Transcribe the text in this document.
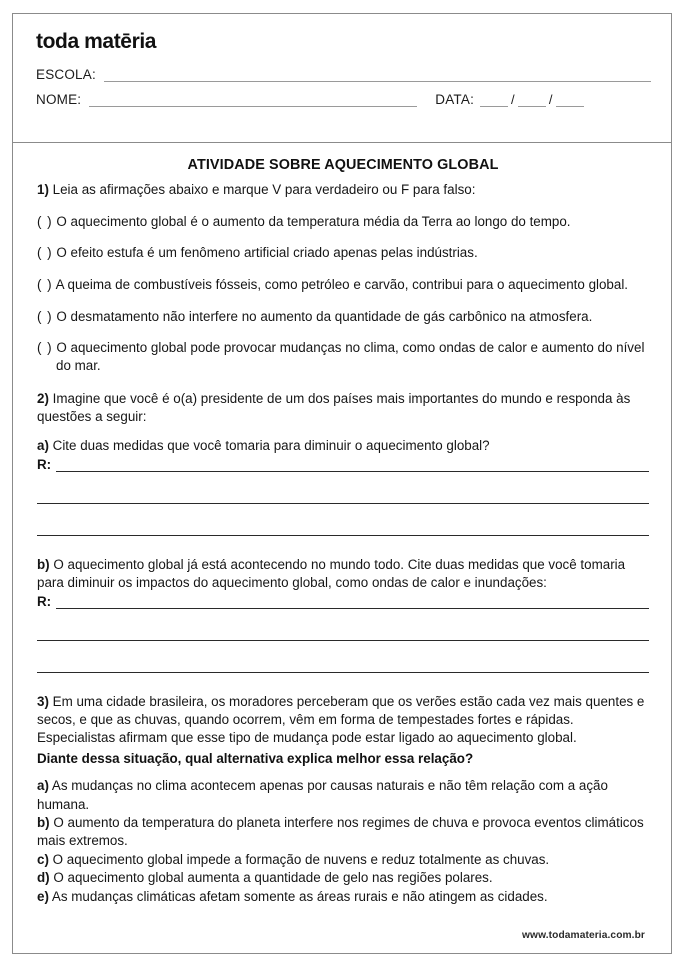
toda matēria
ESCOLA:
NOME:	DATA:	/	/
ATIVIDADE SOBRE AQUECIMENTO GLOBAL

1) Leia as afirmações abaixo e marque V para verdadeiro ou F para falso:

( ) O aquecimento global é o aumento da temperatura média da Terra ao longo do tempo.

( ) O efeito estufa é um fenômeno artificial criado apenas pelas indústrias.

( ) A queima de combustíveis fósseis, como petróleo e carvão, contribui para o aquecimento global.

( ) O desmatamento não interfere no aumento da quantidade de gás carbônico na atmosfera.

( ) O aquecimento global pode provocar mudanças no clima, como ondas de calor e aumento do nível do mar.

2) Imagine que você é o(a) presidente de um dos países mais importantes do mundo e responda às questões a seguir:

a) Cite duas medidas que você tomaria para diminuir o aquecimento global?

R:

b) O aquecimento global já está acontecendo no mundo todo. Cite duas medidas que você tomaria para diminuir os impactos do aquecimento global, como ondas de calor e inundações:

R:

3) Em uma cidade brasileira, os moradores perceberam que os verões estão cada vez mais quentes e secos, e que as chuvas, quando ocorrem, vêm em forma de tempestades fortes e rápidas. Especialistas afirmam que esse tipo de mudança pode estar ligado ao aquecimento global.

Diante dessa situação, qual alternativa explica melhor essa relação?

a) As mudanças no clima acontecem apenas por causas naturais e não têm relação com a ação humana.

b) O aumento da temperatura do planeta interfere nos regimes de chuva e provoca eventos climáticos mais extremos.

c) O aquecimento global impede a formação de nuvens e reduz totalmente as chuvas.

d) O aquecimento global aumenta a quantidade de gelo nas regiões polares.

e) As mudanças climáticas afetam somente as áreas rurais e não atingem as cidades.

www.todamateria.com.br
